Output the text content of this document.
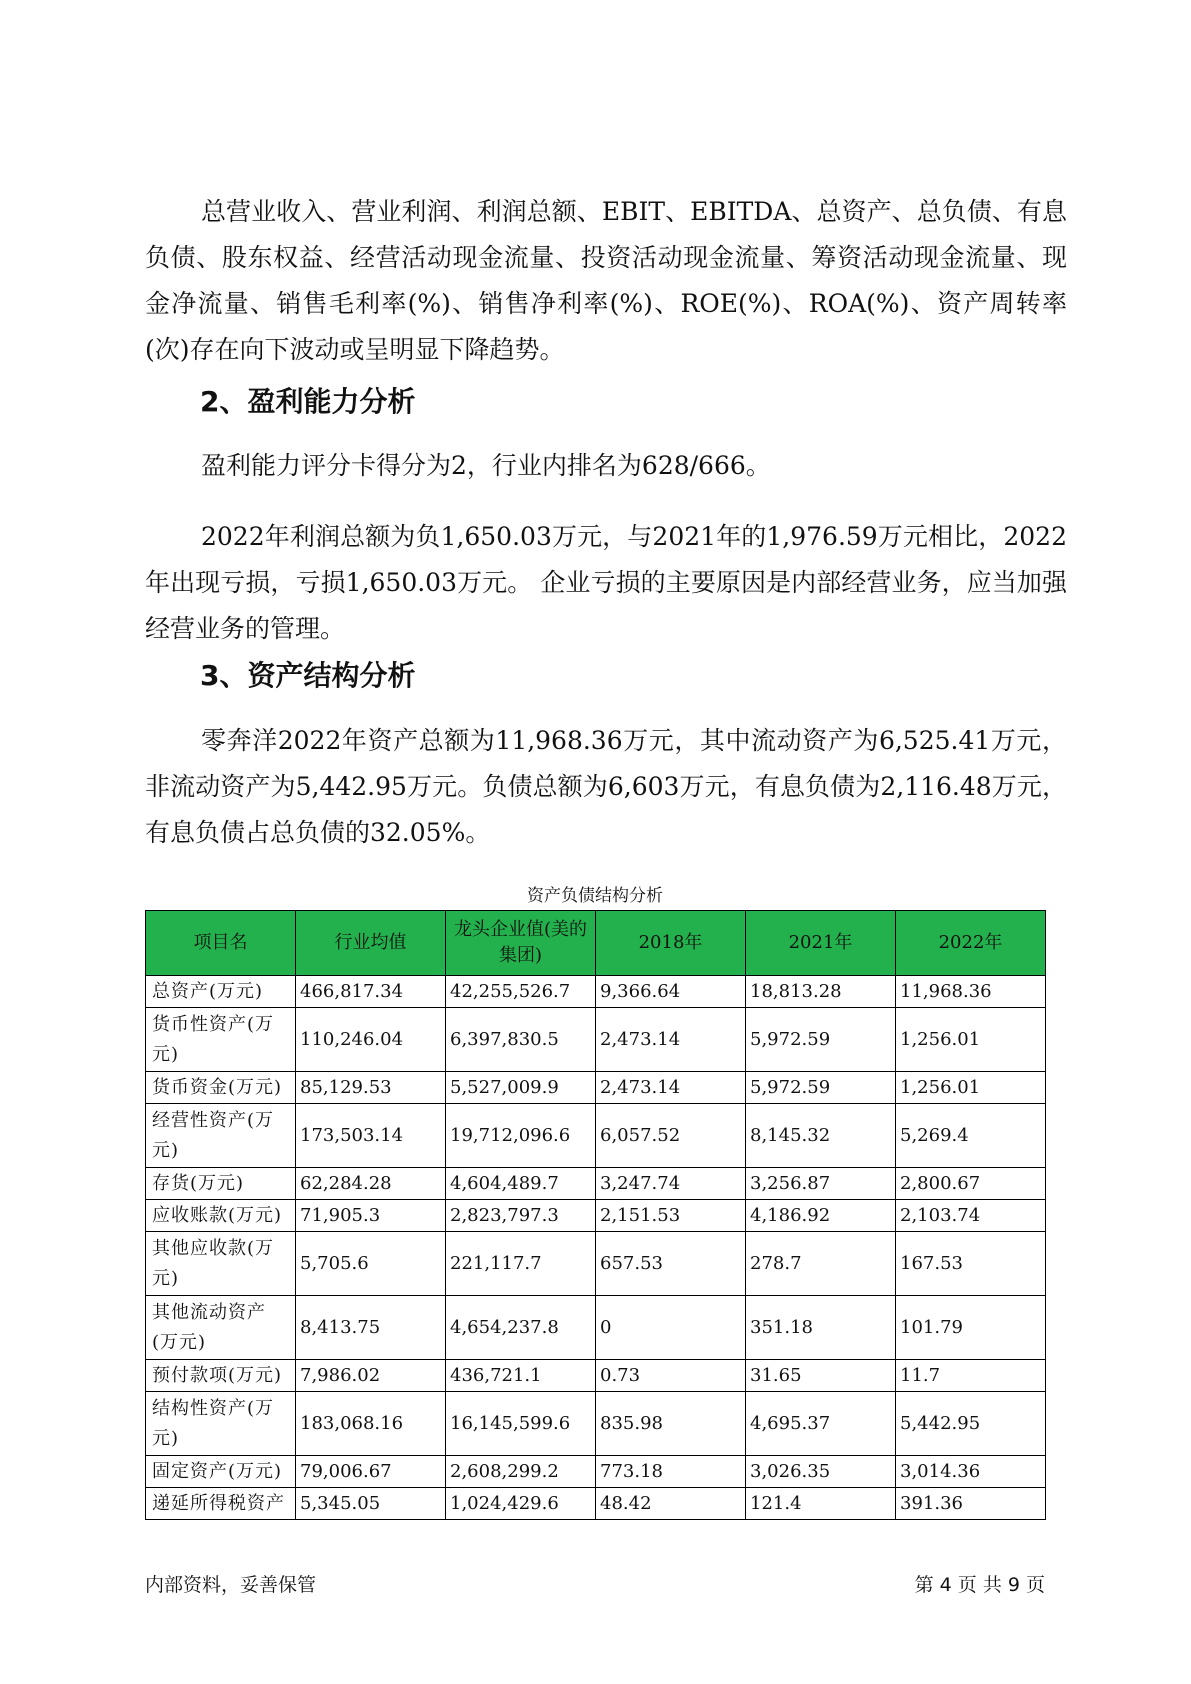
总营业收入、营业利润、利润总额、EBIT、EBITDA、总资产、总负债、有息负债、股东权益、经营活动现金流量、投资活动现金流量、筹资活动现金流量、现金净流量、销售毛利率(%)、销售净利率(%)、ROE(%)、ROA(%)、资产周转率(次)存在向下波动或呈明显下降趋势。

2、盈利能力分析

盈利能力评分卡得分为2，行业内排名为628/666。

2022年利润总额为负1,650.03万元，与2021年的1,976.59万元相比，2022年出现亏损，亏损1,650.03万元。 企业亏损的主要原因是内部经营业务，应当加强经营业务的管理。

3、资产结构分析

零奔洋2022年资产总额为11,968.36万元，其中流动资产为6,525.41万元，非流动资产为5,442.95万元。负债总额为6,603万元，有息负债为2,116.48万元，有息负债占总负债的32.05%。

资产负债结构分析
项目名	行业均值	龙头企业值(美的集团)	2018年	2021年	2022年
总资产(万元)	466,817.34	42,255,526.7	9,366.64	18,813.28	11,968.36
货币性资产(万元)	110,246.04	6,397,830.5	2,473.14	5,972.59	1,256.01
货币资金(万元)	85,129.53	5,527,009.9	2,473.14	5,972.59	1,256.01
经营性资产(万元)	173,503.14	19,712,096.6	6,057.52	8,145.32	5,269.4
存货(万元)	62,284.28	4,604,489.7	3,247.74	3,256.87	2,800.67
应收账款(万元)	71,905.3	2,823,797.3	2,151.53	4,186.92	2,103.74
其他应收款(万元)	5,705.6	221,117.7	657.53	278.7	167.53
其他流动资产(万元)	8,413.75	4,654,237.8	0	351.18	101.79
预付款项(万元)	7,986.02	436,721.1	0.73	31.65	11.7
结构性资产(万元)	183,068.16	16,145,599.6	835.98	4,695.37	5,442.95
固定资产(万元)	79,006.67	2,608,299.2	773.18	3,026.35	3,014.36
递延所得税资产	5,345.05	1,024,429.6	48.42	121.4	391.36
内部资料，妥善保管	第 4 页 共 9 页
